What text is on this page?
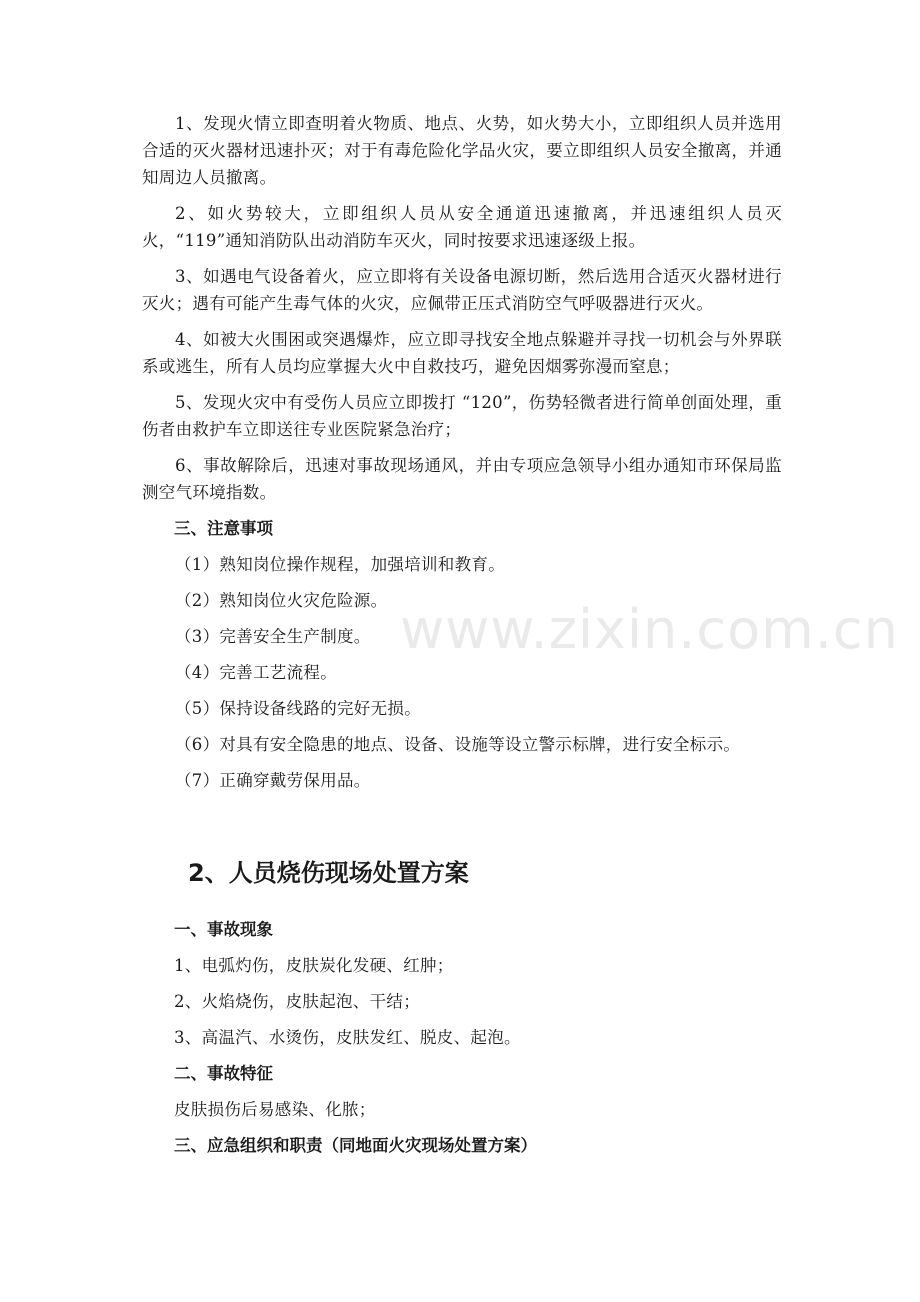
1、发现火情立即查明着火物质、地点、火势，如火势大小，立即组织人员并选用合适的灭火器材迅速扑灭；对于有毒危险化学品火灾，要立即组织人员安全撤离，并通知周边人员撤离。

2、如火势较大，立即组织人员从安全通道迅速撤离，并迅速组织人员灭火，“119”通知消防队出动消防车灭火，同时按要求迅速逐级上报。

3、如遇电气设备着火，应立即将有关设备电源切断，然后选用合适灭火器材进行灭火；遇有可能产生毒气体的火灾，应佩带正压式消防空气呼吸器进行灭火。

4、如被大火围困或突遇爆炸，应立即寻找安全地点躲避并寻找一切机会与外界联系或逃生，所有人员均应掌握大火中自救技巧，避免因烟雾弥漫而窒息；

5、发现火灾中有受伤人员应立即拨打 “120”，伤势轻微者进行简单创面处理，重伤者由救护车立即送往专业医院紧急治疗；

6、事故解除后，迅速对事故现场通风，并由专项应急领导小组办通知市环保局监测空气环境指数。

三、注意事项
（1）熟知岗位操作规程，加强培训和教育。
（2）熟知岗位火灾危险源。
（3）完善安全生产制度。
（4）完善工艺流程。
（5）保持设备线路的完好无损。
（6）对具有安全隐患的地点、设备、设施等设立警示标牌，进行安全标示。
（7）正确穿戴劳保用品。
2、人员烧伤现场处置方案
一、事故现象
1、电弧灼伤，皮肤炭化发硬、红肿；
2、火焰烧伤，皮肤起泡、干结；
3、高温汽、水烫伤，皮肤发红、脱皮、起泡。
二、事故特征
皮肤损伤后易感染、化脓；
三、应急组织和职责（同地面火灾现场处置方案）
www.zixin.com.cn
